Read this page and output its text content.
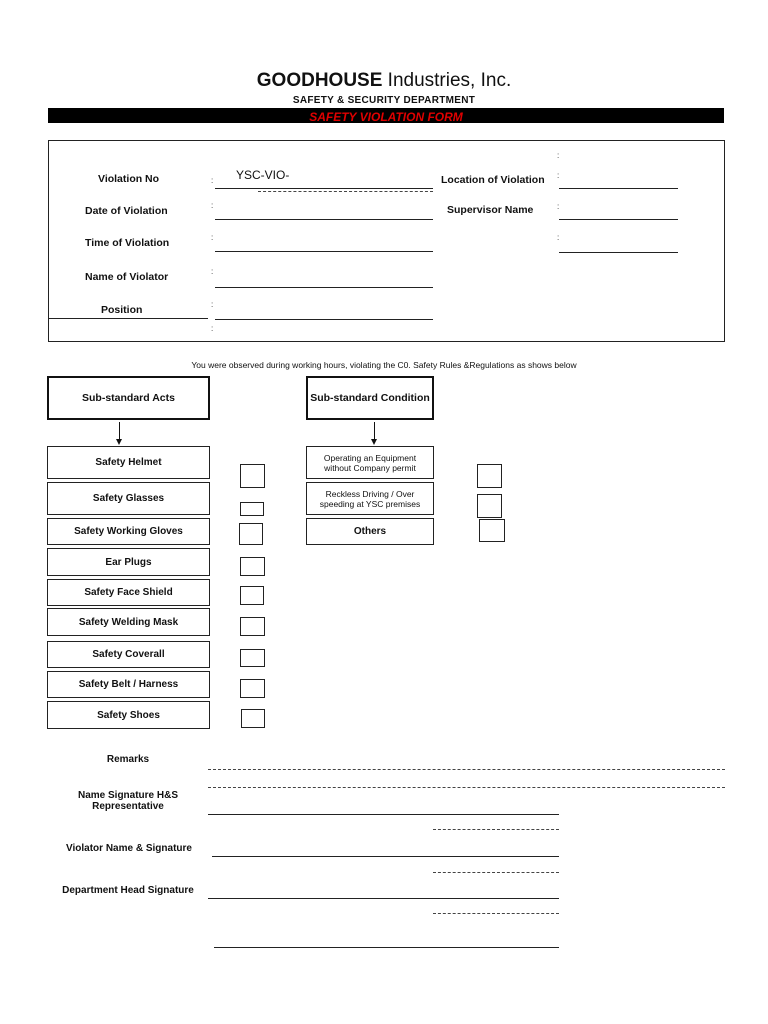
GOODHOUSE Industries, Inc.
SAFETY & SECURITY DEPARTMENT
SAFETY VIOLATION FORM
Violation No
Date of Violation
Time of Violation
Name of Violator
Position
:
:
:
:
:
:
YSC-VIO-
:
:
:
:
Location of Violation
Supervisor Name
You were observed during working hours, violating the C0. Safety Rules &Regulations as shows below
Sub-standard Acts	Sub-standard Condition
Safety Helmet
Safety Glasses
Safety Working Gloves
Ear Plugs
Safety Face Shield
Safety Welding Mask
Safety Coverall
Safety Belt / Harness
Safety Shoes
Operating an Equipment
without Company permit
Reckless Driving / Over
speeding at YSC premises
Others
Remarks
Name Signature H&S
Representative
Violator Name & Signature
Department Head Signature
